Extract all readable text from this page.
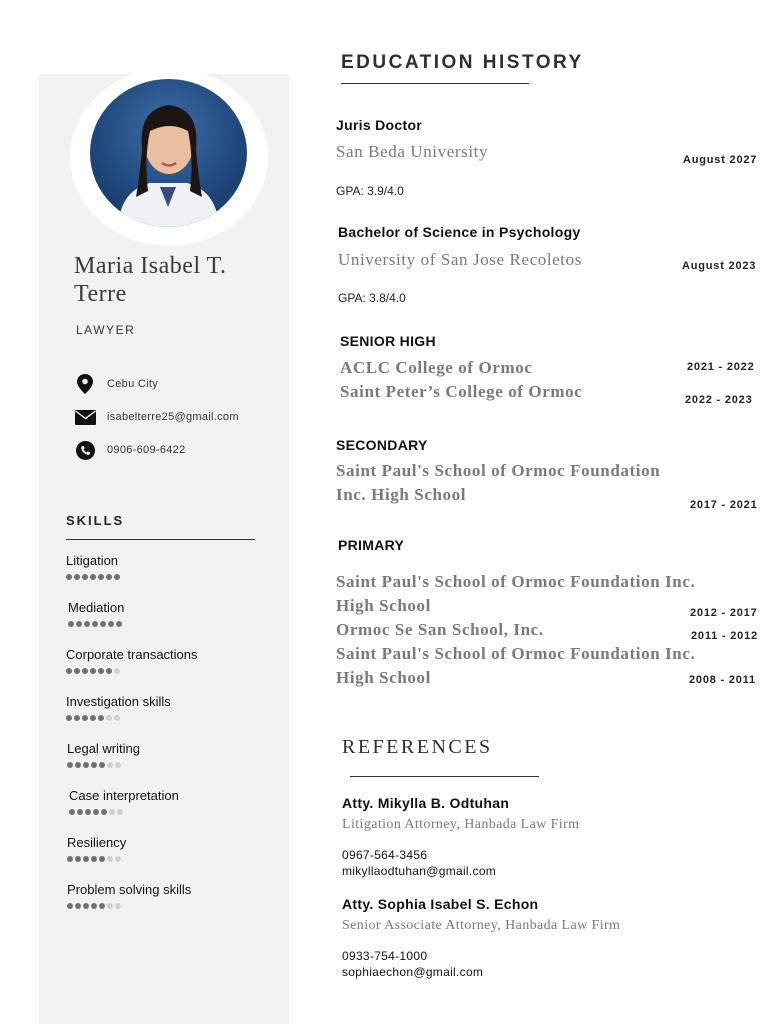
Maria Isabel T. Terre
LAWYER
Cebu City
isabelterre25@gmail.com
0906-609-6422
SKILLS
Litigation
Mediation
Corporate transactions
Investigation skills
Legal writing
Case interpretation
Resiliency
Problem solving skills
EDUCATION HISTORY
Juris Doctor
San Beda University
GPA: 3.9/4.0
August 2027
Bachelor of Science in Psychology
University of San Jose Recoletos
GPA: 3.8/4.0
August 2023
SENIOR HIGH
ACLC College of Ormoc
Saint Peter’s College of Ormoc
2021 - 2022
2022 - 2023
SECONDARY
Saint Paul's School of Ormoc Foundation
Inc. High School
2017 - 2021
PRIMARY
Saint Paul's School of Ormoc Foundation Inc.
High School
Ormoc Se San School, Inc.
Saint Paul's School of Ormoc Foundation Inc.
High School
2012 - 2017
2011 - 2012
2008 - 2011
REFERENCES
Atty. Mikylla B. Odtuhan
Litigation Attorney, Hanbada Law Firm
0967-564-3456
mikyllaodtuhan@gmail.com
Atty. Sophia Isabel S. Echon
Senior Associate Attorney, Hanbada Law Firm
0933-754-1000
sophiaechon@gmail.com
